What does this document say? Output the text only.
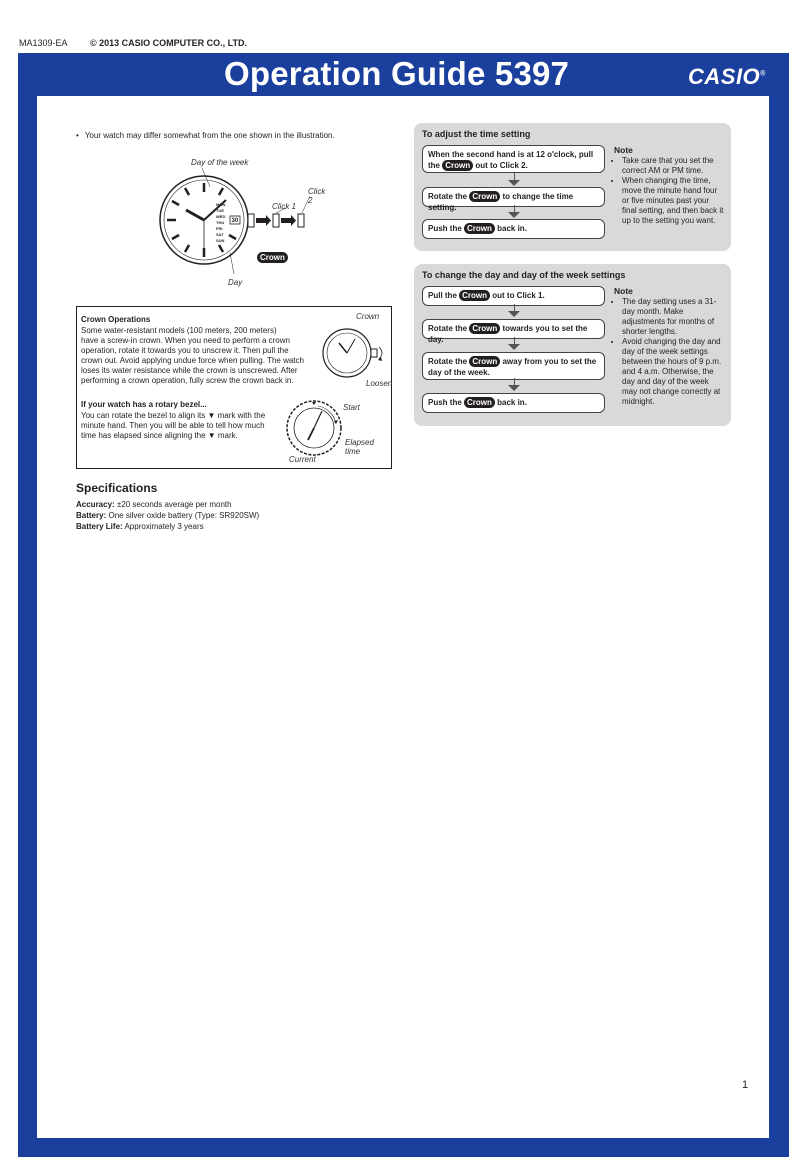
MA1309-EA © 2013 CASIO COMPUTER CO., LTD.
Operation Guide 5397	CASIO®
• Your watch may differ somewhat from the one shown in the illustration.
MON
TUE
WED
THU
FRI
SAT
SUN
30
Day of the week
Day
Click 1
Click 2
Crown
Crown Operations
Some water-resistant models (100 meters, 200 meters)
have a screw-in crown. When you need to perform a crown
operation, rotate it towards you to unscrew it. Then pull the
crown out. Avoid applying undue force when pulling. The watch
loses its water resistance while the crown is unscrewed. After
performing a crown operation, fully screw the crown back in.
If your watch has a rotary bezel...
You can rotate the bezel to align its ▼ mark with the
minute hand. Then you will be able to tell how much
time has elapsed since aligning the ▼ mark.
Crown
Loosen
Start
Elapsed time
Current
Specifications
Accuracy: ±20 seconds average per month
Battery: One silver oxide battery (Type: SR920SW)
Battery Life: Approximately 3 years
To adjust the time setting
When the second hand is at 12 o'clock, pull the Crown out to Click 2.
Rotate the Crown to change the time setting.
Push the Crown back in.
Note
• Take care that you set the correct AM or PM time.
• When changing the time, move the minute hand four or five minutes past your final setting, and then back it up to the setting you want.
To change the day and day of the week settings
Pull the Crown out to Click 1.
Rotate the Crown towards you to set the day.
Rotate the Crown away from you to set the day of the week.
Push the Crown back in.
Note
• The day setting uses a 31-day month. Make adjustments for months of shorter lengths.
• Avoid changing the day and day of the week settings between the hours of 9 p.m. and 4 a.m. Otherwise, the day and day of the week may not change correctly at midnight.
1
